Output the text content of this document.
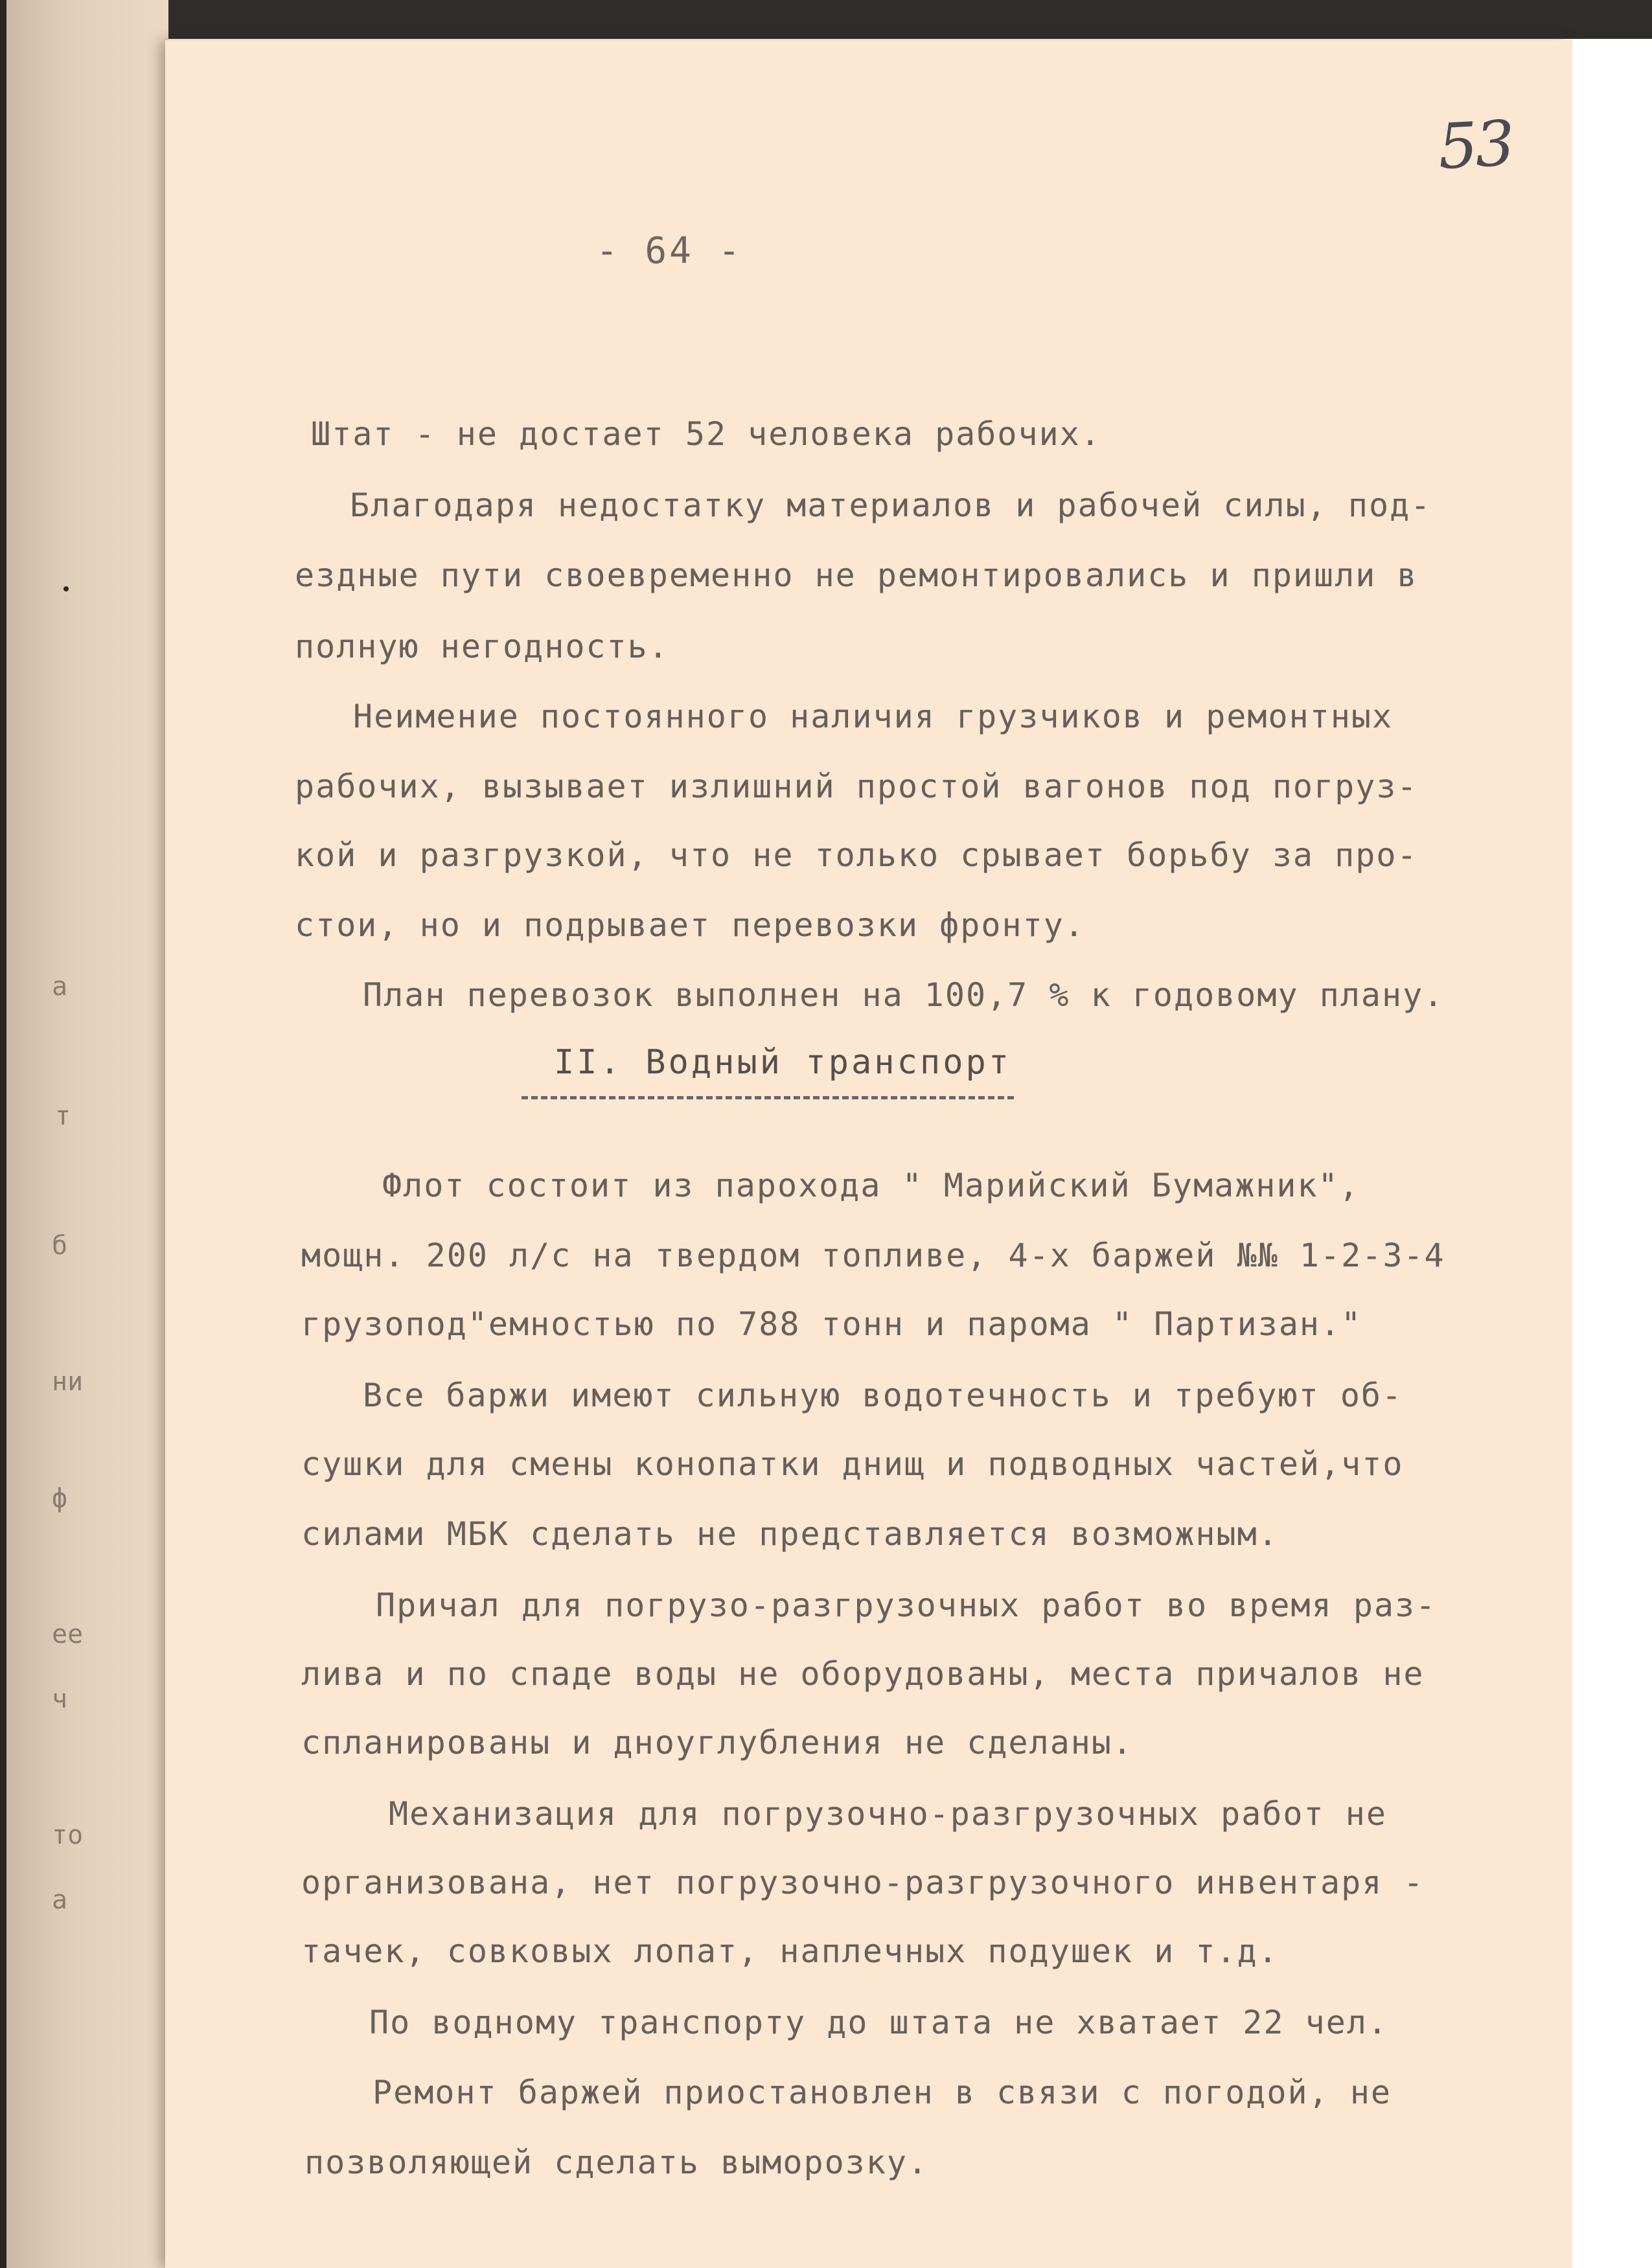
а
т
б
ни
ф
ее
ч
то
а
53
- 64 -
Штат - не достает 52 человека рабочих.
Благодаря недостатку материалов и рабочей силы, под-
ездные пути своевременно не ремонтировались и пришли в
полную негодность.
Неимение постоянного наличия грузчиков и ремонтных
рабочих, вызывает излишний простой вагонов под погруз-
кой и разгрузкой, что не только срывает борьбу за про-
стои, но и подрывает перевозки фронту.
План перевозок выполнен на 100,7 % к годовому плану.
II. Водный транспорт
Флот состоит из парохода " Марийский Бумажник",
мощн. 200 л/с на твердом топливе, 4-х баржей №№ 1-2-3-4
грузопод"емностью по 788 тонн и парома " Партизан."
Все баржи имеют сильную водотечность и требуют об-
сушки для смены конопатки днищ и подводных частей,что
силами МБК сделать не представляется возможным.
Причал для погрузо-разгрузочных работ во время раз-
лива и по спаде воды не оборудованы, места причалов не
спланированы и дноуглубления не сделаны.
Механизация для погрузочно-разгрузочных работ не
организована, нет погрузочно-разгрузочного инвентаря -
тачек, совковых лопат, наплечных подушек и т.д.
По водному транспорту до штата не хватает 22 чел.
Ремонт баржей приостановлен в связи с погодой, не
позволяющей сделать выморозку.
